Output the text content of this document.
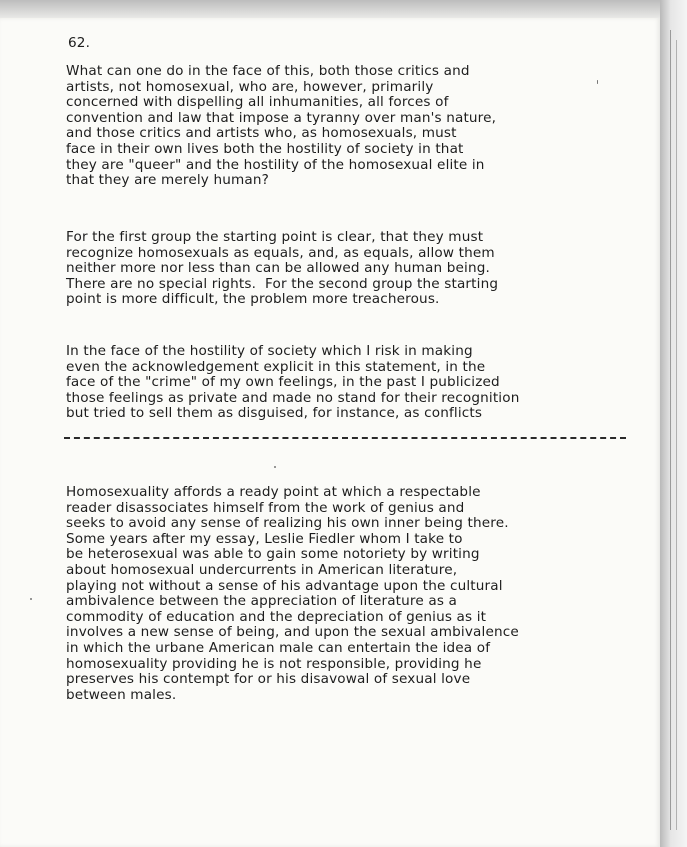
62.
What can one do in the face of this, both those critics and
artists, not homosexual, who are, however, primarily
concerned with dispelling all inhumanities, all forces of
convention and law that impose a tyranny over man's nature,
and those critics and artists who, as homosexuals, must
face in their own lives both the hostility of society in that
they are "queer" and the hostility of the homosexual elite in
that they are merely human?
For the first group the starting point is clear, that they must
recognize homosexuals as equals, and, as equals, allow them
neither more nor less than can be allowed any human being.
There are no special rights.  For the second group the starting
point is more difficult, the problem more treacherous.
In the face of the hostility of society which I risk in making
even the acknowledgement explicit in this statement, in the
face of the "crime" of my own feelings, in the past I publicized
those feelings as private and made no stand for their recognition
but tried to sell them as disguised, for instance, as conflicts
Homosexuality affords a ready point at which a respectable
reader disassociates himself from the work of genius and
seeks to avoid any sense of realizing his own inner being there.
Some years after my essay, Leslie Fiedler whom I take to
be heterosexual was able to gain some notoriety by writing
about homosexual undercurrents in American literature,
playing not without a sense of his advantage upon the cultural
ambivalence between the appreciation of literature as a
commodity of education and the depreciation of genius as it
involves a new sense of being, and upon the sexual ambivalence
in which the urbane American male can entertain the idea of
homosexuality providing he is not responsible, providing he
preserves his contempt for or his disavowal of sexual love
between males.
